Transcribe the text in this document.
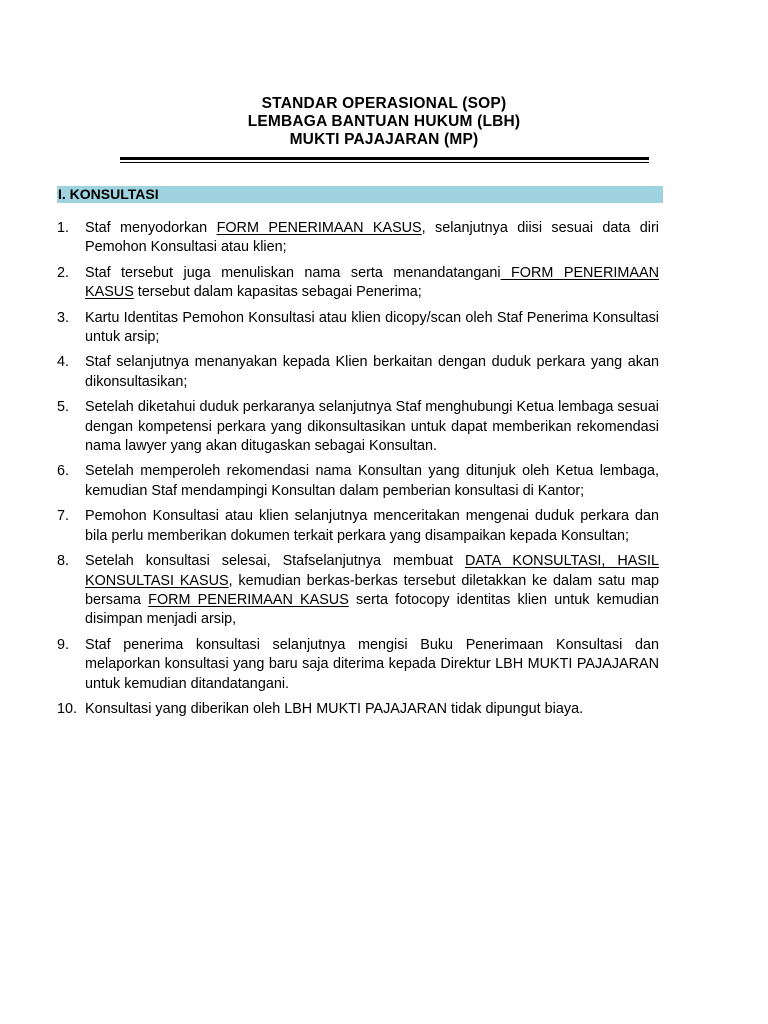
STANDAR OPERASIONAL (SOP)
LEMBAGA BANTUAN HUKUM (LBH)
MUKTI PAJAJARAN (MP)
I. KONSULTASI
1. Staf menyodorkan FORM PENERIMAAN KASUS, selanjutnya diisi sesuai data diri Pemohon Konsultasi atau klien;
2. Staf tersebut juga menuliskan nama serta menandatangani FORM PENERIMAAN KASUS tersebut dalam kapasitas sebagai Penerima;
3. Kartu Identitas Pemohon Konsultasi atau klien dicopy/scan oleh Staf Penerima Konsultasi untuk arsip;
4. Staf selanjutnya menanyakan kepada Klien berkaitan dengan duduk perkara yang akan dikonsultasikan;
5. Setelah diketahui duduk perkaranya selanjutnya Staf menghubungi Ketua lembaga sesuai dengan kompetensi perkara yang dikonsultasikan untuk dapat memberikan rekomendasi nama lawyer yang akan ditugaskan sebagai Konsultan.
6. Setelah memperoleh rekomendasi nama Konsultan yang ditunjuk oleh Ketua lembaga, kemudian Staf mendampingi Konsultan dalam pemberian konsultasi di Kantor;
7. Pemohon Konsultasi atau klien selanjutnya menceritakan mengenai duduk perkara dan bila perlu memberikan dokumen terkait perkara yang disampaikan kepada Konsultan;
8. Setelah konsultasi selesai, Stafselanjutnya membuat DATA KONSULTASI, HASIL KONSULTASI KASUS, kemudian berkas-berkas tersebut diletakkan ke dalam satu map bersama FORM PENERIMAAN KASUS serta fotocopy identitas klien untuk kemudian disimpan menjadi arsip,
9. Staf penerima konsultasi selanjutnya mengisi Buku Penerimaan Konsultasi dan melaporkan konsultasi yang baru saja diterima kepada Direktur LBH MUKTI PAJAJARAN untuk kemudian ditandatangani.
10. Konsultasi yang diberikan oleh LBH MUKTI PAJAJARAN tidak dipungut biaya.
